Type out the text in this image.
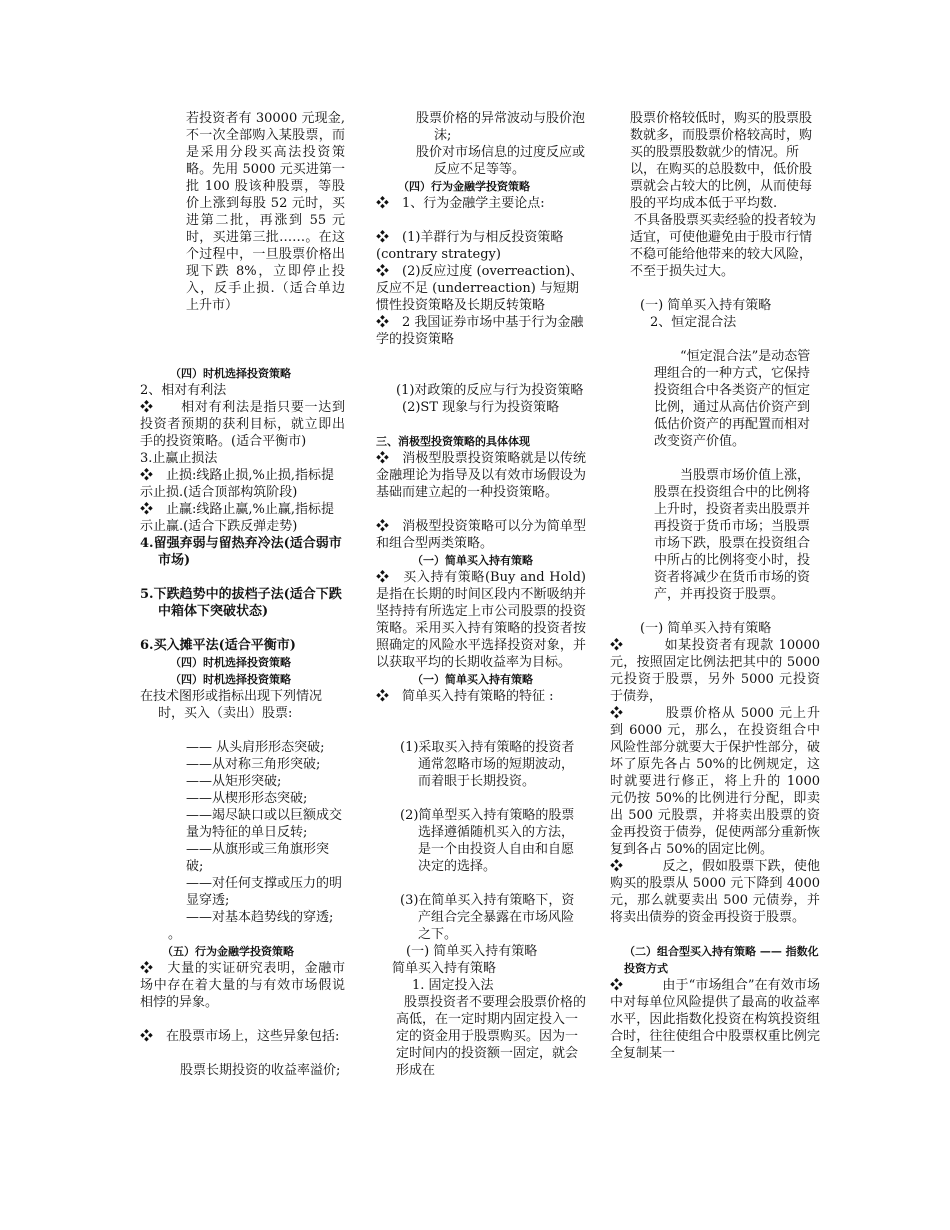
若投资者有 30000 元现金, 不一次全部购入某股票，而是采用分段买高法投资策略。先用 5000 元买进第一批 100 股该种股票，等股价上涨到每股 52 元时，买进第二批，再涨到 55 元时，买进第三批……。在这个过程中，一旦股票价格出现下跌 8%，立即停止投入，反手止损.（适合单边上升市）

（四）时机选择投资策略

2、相对有利法

❖　　相对有利法是指只要一达到投资者预期的获利目标，就立即出手的投资策略。(适合平衡市)

3.止赢止损法

❖　止损:线路止损,%止损,指标提示止损.(适合顶部构筑阶段)

❖　止赢:线路止赢,%止赢,指标提示止赢.(适合下跌反弹走势)

4.留强弃弱与留热弃冷法(适合弱市市场)

5.下跌趋势中的拔档子法(适合下跌中箱体下突破状态)

6.买入摊平法(适合平衡市)

（四）时机选择投资策略

（四）时机选择投资策略

在技术图形或指标出现下列情况时，买入（卖出）股票:

—— 从头肩形形态突破;

——从对称三角形突破;

——从矩形突破;

——从楔形形态突破;

——竭尽缺口或以巨额成交量为特征的单日反转;

——从旗形或三角旗形突破;

——对任何支撑或压力的明显穿透;

——对基本趋势线的穿透;

。

（五）行为金融学投资策略

❖　大量的实证研究表明，金融市场中存在着大量的与有效市场假说相悖的异象。

❖　在股票市场上，这些异象包括:

股票长期投资的收益率溢价;

股票价格的异常波动与股价泡沫;

股价对市场信息的过度反应或反应不足等等。

（四）行为金融学投资策略

❖　1、行为金融学主要论点:

❖　(1)羊群行为与相反投资策略 (contrary strategy)

❖　(2)反应过度 (overreaction)、反应不足 (underreaction) 与短期惯性投资策略及长期反转策略

❖　2 我国证券市场中基于行为金融学的投资策略

(1)对政策的反应与行为投资策略

(2)ST 现象与行为投资策略

三、消极型投资策略的具体体现

❖　消极型股票投资策略就是以传统金融理论为指导及以有效市场假设为基础而建立起的一种投资策略。

❖　消极型投资策略可以分为简单型和组合型两类策略。

（一）简单买入持有策略

❖　买入持有策略(Buy and Hold)是指在长期的时间区段内不断吸纳并坚持持有所选定上市公司股票的投资策略。采用买入持有策略的投资者按照确定的风险水平选择投资对象，并以获取平均的长期收益率为目标。

（一）简单买入持有策略

❖　简单买入持有策略的特征 :

(1)采取买入持有策略的投资者通常忽略市场的短期波动，而着眼于长期投资。

(2)简单型买入持有策略的股票选择遵循随机买入的方法，是一个由投资人自由和自愿决定的选择。

(3)在简单买入持有策略下，资产组合完全暴露在市场风险之下。

(一) 简单买入持有策略

简单买入持有策略

1. 固定投入法

股票投资者不要理会股票价格的高低，在一定时期内固定投入一定的资金用于股票购买。因为一定时间内的投资额一固定，就会形成在

股票价格较低时，购买的股票股数就多，而股票价格较高时，购买的股票股数就少的情况。所以，在购买的总股数中，低价股票就会占较大的比例，从而使每股的平均成本低于平均数.

不具备股票买卖经验的投者较为适宜，可使他避免由于股市行情不稳可能给他带来的较大风险，不至于损失过大。

(一) 简单买入持有策略

2、恒定混合法

“恒定混合法”是动态管理组合的一种方式，它保持投资组合中各类资产的恒定比例，通过从高估价资产到低估价资产的再配置而相对改变资产价值。

当股票市场价值上涨，股票在投资组合中的比例将上升时，投资者卖出股票并再投资于货币市场；当股票市场下跌，股票在投资组合中所占的比例将变小时，投资者将减少在货币市场的资产，并再投资于股票。

(一) 简单买入持有策略

❖　　　如某投资者有现款 10000 元，按照固定比例法把其中的 5000 元投资于股票，另外 5000 元投资于债券，

❖　　　股票价格从 5000 元上升到 6000 元，那么，在投资组合中风险性部分就要大于保护性部分，破坏了原先各占 50%的比例规定，这时就要进行修正，将上升的 1000 元仍按 50%的比例进行分配，即卖出 500 元股票，并将卖出股票的资金再投资于债券，促使两部分重新恢复到各占 50%的固定比例。

❖　　　反之，假如股票下跌，使他购买的股票从 5000 元下降到 4000 元，那么就要卖出 500 元债券，并将卖出债券的资金再投资于股票。

（二）组合型买入持有策略 —— 指数化投资方式

❖　　　由于“市场组合”在有效市场中对每单位风险提供了最高的收益率水平，因此指数化投资在构筑投资组合时，往往使组合中股票权重比例完全复制某一
